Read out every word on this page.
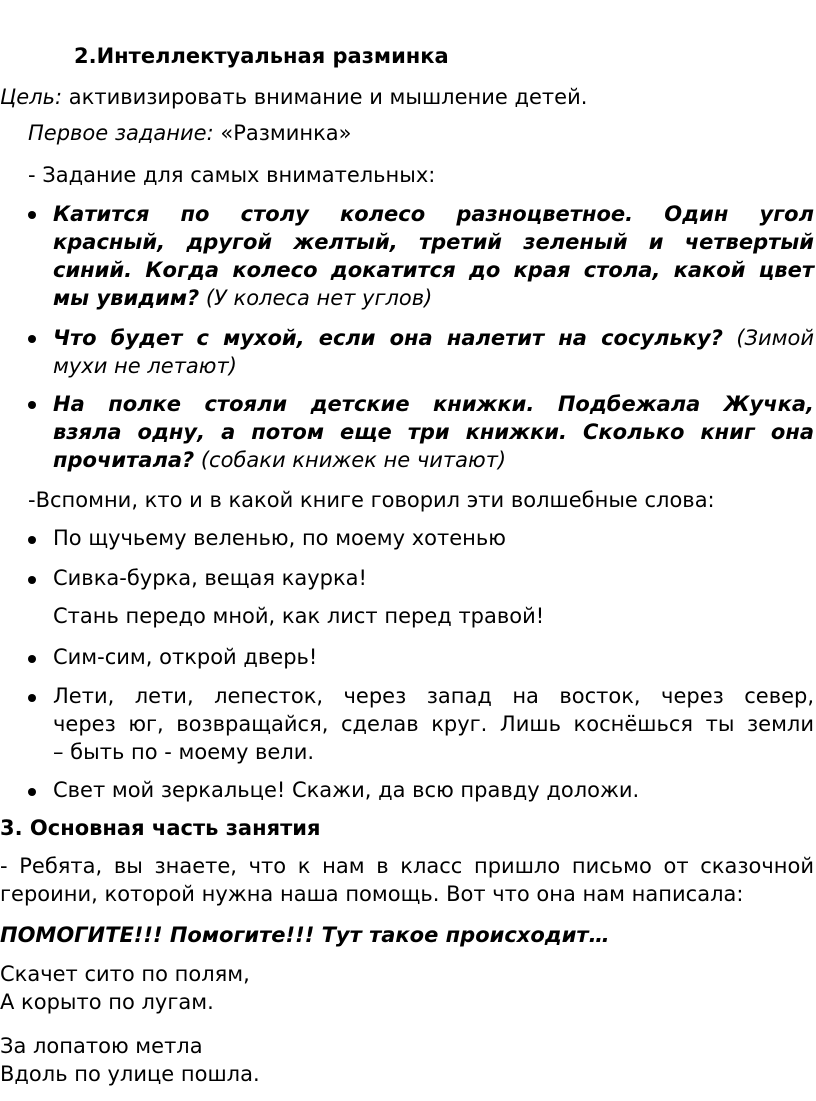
2.Интеллектуальная разминка
Цель: активизировать внимание и мышление детей.
Первое задание: «Разминка»
- Задание для самых внимательных:
Катится по столу колесо разноцветное. Один угол
красный, другой желтый, третий зеленый и четвертый
синий. Когда колесо докатится до края стола, какой цвет
мы увидим? (У колеса нет углов)
Что будет с мухой, если она налетит на сосульку? (Зимой
мухи не летают)
На полке стояли детские книжки. Подбежала Жучка,
взяла одну, а потом еще три книжки. Сколько книг она
прочитала? (собаки книжек не читают)
-Вспомни, кто и в какой книге говорил эти волшебные слова:
По щучьему веленью, по моему хотенью
Сивка-бурка, вещая каурка!
Стань передо мной, как лист перед травой!
Сим-сим, открой дверь!
Лети, лети, лепесток, через запад на восток, через север,
через юг, возвращайся, сделав круг. Лишь коснёшься ты земли
– быть по - моему вели.
Свет мой зеркальце! Скажи, да всю правду доложи.
3. Основная часть занятия
- Ребята, вы знаете, что к нам в класс пришло письмо от сказочной
героини, которой нужна наша помощь. Вот что она нам написала:
ПОМОГИТЕ!!! Помогите!!! Тут такое происходит…
Скачет сито по полям,
А корыто по лугам.
За лопатою метла
Вдоль по улице пошла.
